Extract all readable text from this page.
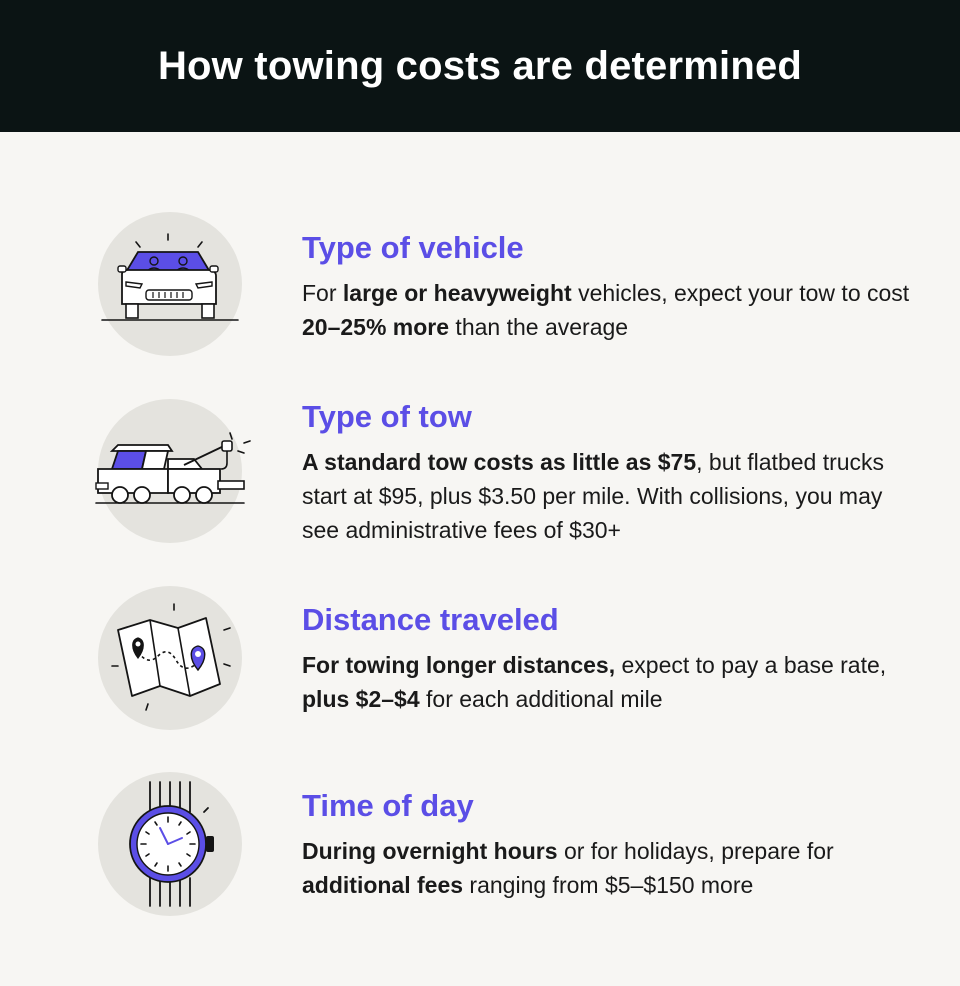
How towing costs are determined
Type of vehicle

For large or heavyweight vehicles, expect your tow to cost 20–25% more than the average

Type of tow

A standard tow costs as little as $75, but flatbed trucks start at $95, plus $3.50 per mile. With collisions, you may see administrative fees of $30+

Distance traveled

For towing longer distances, expect to pay a base rate, plus $2–$4 for each additional mile

Time of day

During overnight hours or for holidays, prepare for additional fees ranging from $5–$150 more
